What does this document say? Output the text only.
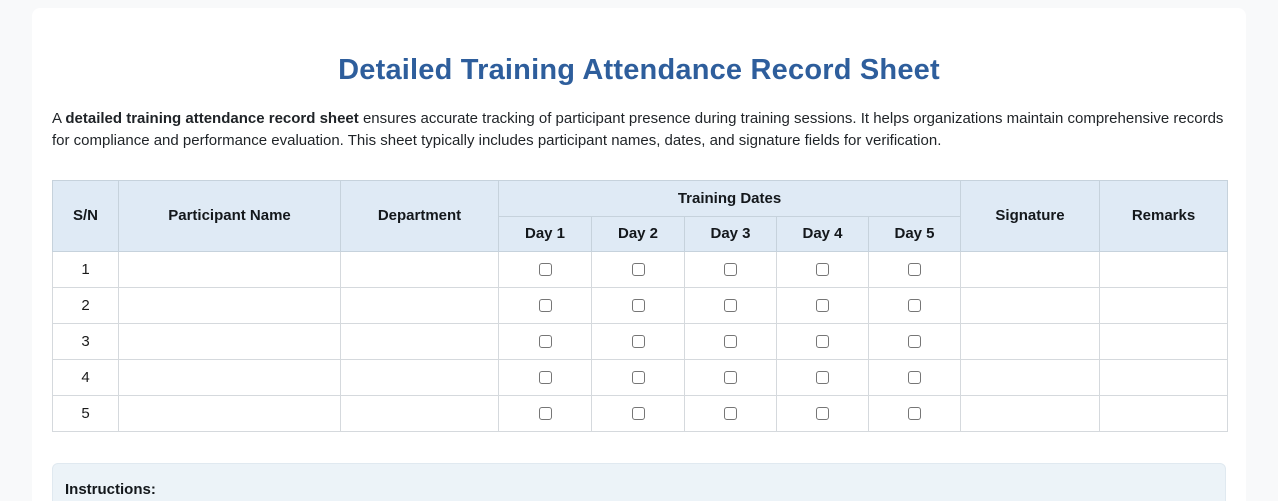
Detailed Training Attendance Record Sheet

A detailed training attendance record sheet ensures accurate tracking of participant presence during training sessions. It helps organizations maintain comprehensive records for compliance and performance evaluation. This sheet typically includes participant names, dates, and signature fields for verification.

S/N	Participant Name	Department	Training Dates					Signature	Remarks
			Day 1	Day 2	Day 3	Day 4	Day 5		
1									
2									
3									
4									
5									
Instructions:
